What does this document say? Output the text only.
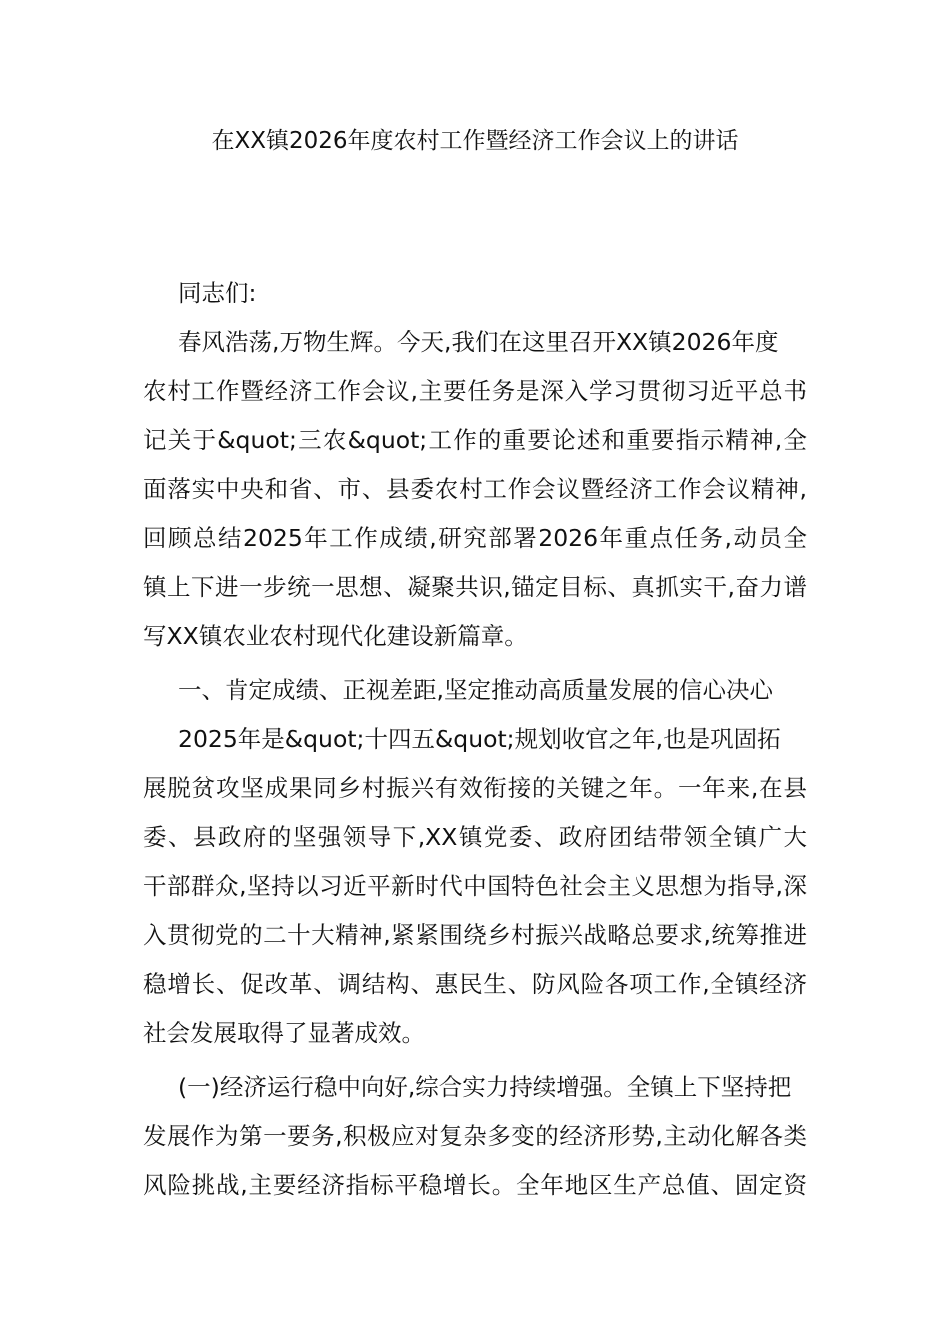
在XX镇2026年度农村工作暨经济工作会议上的讲话
同志们:
春风浩荡,万物生辉。今天,我们在这里召开XX镇2026年度
农村工作暨经济工作会议,主要任务是深入学习贯彻习近平总书
记关于&quot;三农&quot;工作的重要论述和重要指示精神,全
面落实中央和省、市、县委农村工作会议暨经济工作会议精神,
回顾总结2025年工作成绩,研究部署2026年重点任务,动员全
镇上下进一步统一思想、凝聚共识,锚定目标、真抓实干,奋力谱
写XX镇农业农村现代化建设新篇章。
一、肯定成绩、正视差距,坚定推动高质量发展的信心决心
2025年是&quot;十四五&quot;规划收官之年,也是巩固拓
展脱贫攻坚成果同乡村振兴有效衔接的关键之年。一年来,在县
委、县政府的坚强领导下,XX镇党委、政府团结带领全镇广大
干部群众,坚持以习近平新时代中国特色社会主义思想为指导,深
入贯彻党的二十大精神,紧紧围绕乡村振兴战略总要求,统筹推进
稳增长、促改革、调结构、惠民生、防风险各项工作,全镇经济
社会发展取得了显著成效。
(一)经济运行稳中向好,综合实力持续增强。全镇上下坚持把
发展作为第一要务,积极应对复杂多变的经济形势,主动化解各类
风险挑战,主要经济指标平稳增长。全年地区生产总值、固定资
